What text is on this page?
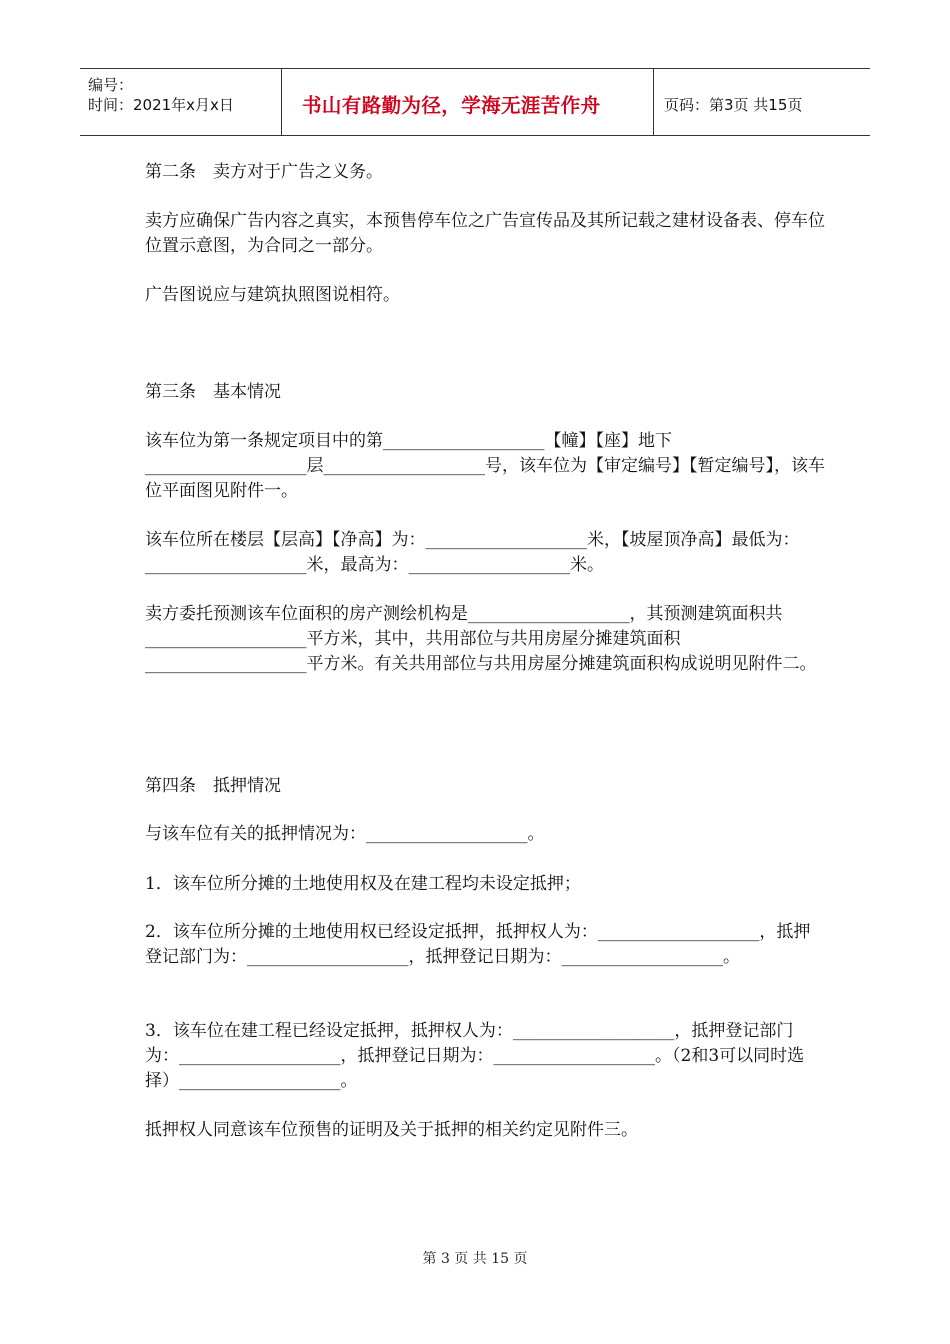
编号：
时间：2021年x月x日	书山有路勤为径，学海无涯苦作舟	页码：第3页 共15页

第二条　卖方对于广告之义务。

卖方应确保广告内容之真实，本预售停车位之广告宣传品及其所记载之建材设备表、停车位位置示意图，为合同之一部分。

广告图说应与建筑执照图说相符。

第三条　基本情况

该车位为第一条规定项目中的第___________________【幢】【座】地下___________________层___________________号，该车位为【审定编号】【暂定编号】，该车位平面图见附件一。

该车位所在楼层【层高】【净高】为：___________________米，【坡屋顶净高】最低为：___________________米，最高为：___________________米。

卖方委托预测该车位面积的房产测绘机构是___________________，其预测建筑面积共___________________平方米，其中，共用部位与共用房屋分摊建筑面积___________________平方米。有关共用部位与共用房屋分摊建筑面积构成说明见附件二。

第四条　抵押情况

与该车位有关的抵押情况为：___________________。

1．该车位所分摊的土地使用权及在建工程均未设定抵押；

2．该车位所分摊的土地使用权已经设定抵押，抵押权人为：___________________，抵押登记部门为：___________________，抵押登记日期为：___________________。

3．该车位在建工程已经设定抵押，抵押权人为：___________________，抵押登记部门为：___________________，抵押登记日期为：___________________。（2和3可以同时选择）___________________。

抵押权人同意该车位预售的证明及关于抵押的相关约定见附件三。

第 3 页 共 15 页
